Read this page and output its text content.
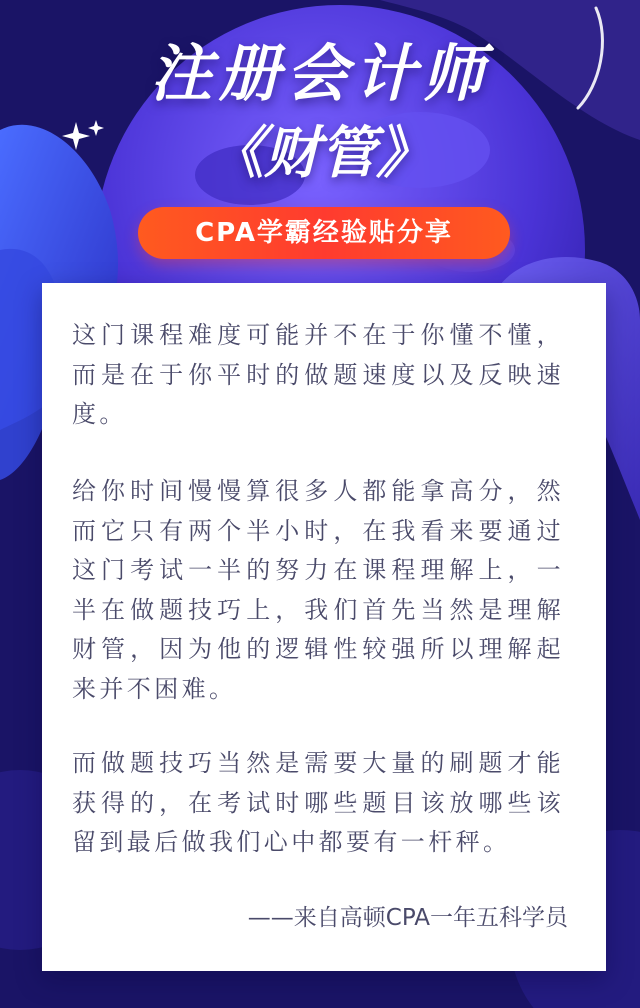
注册会计师
《财管》
CPA学霸经验贴分享

这门课程难度可能并不在于你懂不懂，而是在于你平时的做题速度以及反映速度。

给你时间慢慢算很多人都能拿高分，然而它只有两个半小时，在我看来要通过这门考试一半的努力在课程理解上，一半在做题技巧上，我们首先当然是理解财管，因为他的逻辑性较强所以理解起来并不困难。

而做题技巧当然是需要大量的刷题才能获得的，在考试时哪些题目该放哪些该留到最后做我们心中都要有一杆秤。

——来自高顿CPA一年五科学员
